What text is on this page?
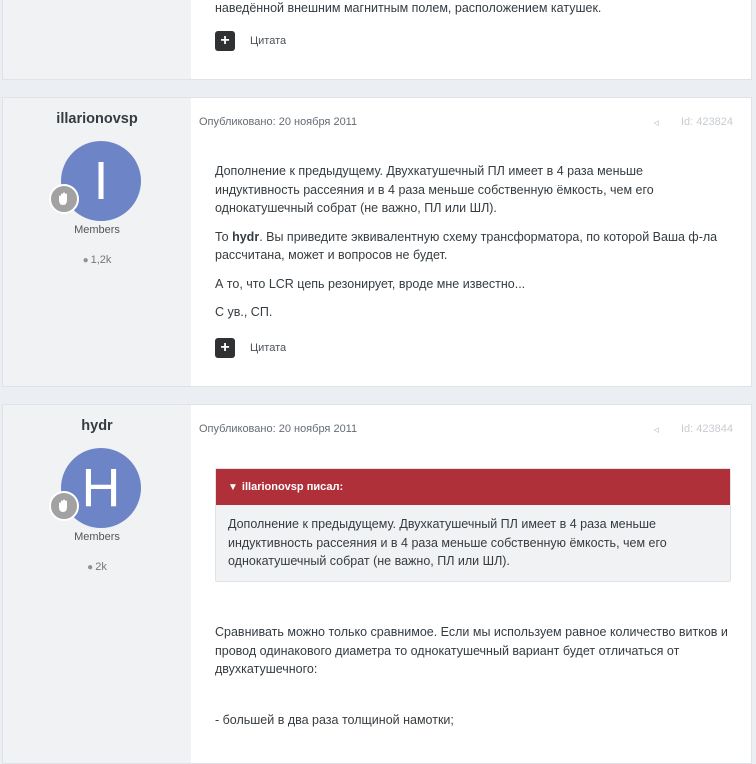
наведённой внешним магнитным полем, расположением катушек.

+	Цитата
illarionovsp
I
Members
● 1,2k
Опубликовано: 20 ноября 2011	◃ Id: 423824

Дополнение к предыдущему. Двухкатушечный ПЛ имеет в 4 раза меньше индуктивность рассеяния и в 4 раза меньше собственную ёмкость, чем его однокатушечный собрат (не важно, ПЛ или ШЛ).

То hydr. Вы приведите эквивалентную схему трансформатора, по которой Ваша ф-ла рассчитана, может и вопросов не будет.

А то, что LCR цепь резонирует, вроде мне известно...

С ув., СП.

+	Цитата
hydr
H
Members
● 2k
Опубликовано: 20 ноября 2011	◃ Id: 423844
▼ illarionovsp писал:
Дополнение к предыдущему. Двухкатушечный ПЛ имеет в 4 раза меньше индуктивность рассеяния и в 4 раза меньше собственную ёмкость, чем его однокатушечный собрат (не важно, ПЛ или ШЛ).

Сравнивать можно только сравнимое. Если мы используем равное количество витков и провод одинакового диаметра то однокатушечный вариант будет отличаться от двухкатушечного:

- большей в два раза толщиной намотки;
